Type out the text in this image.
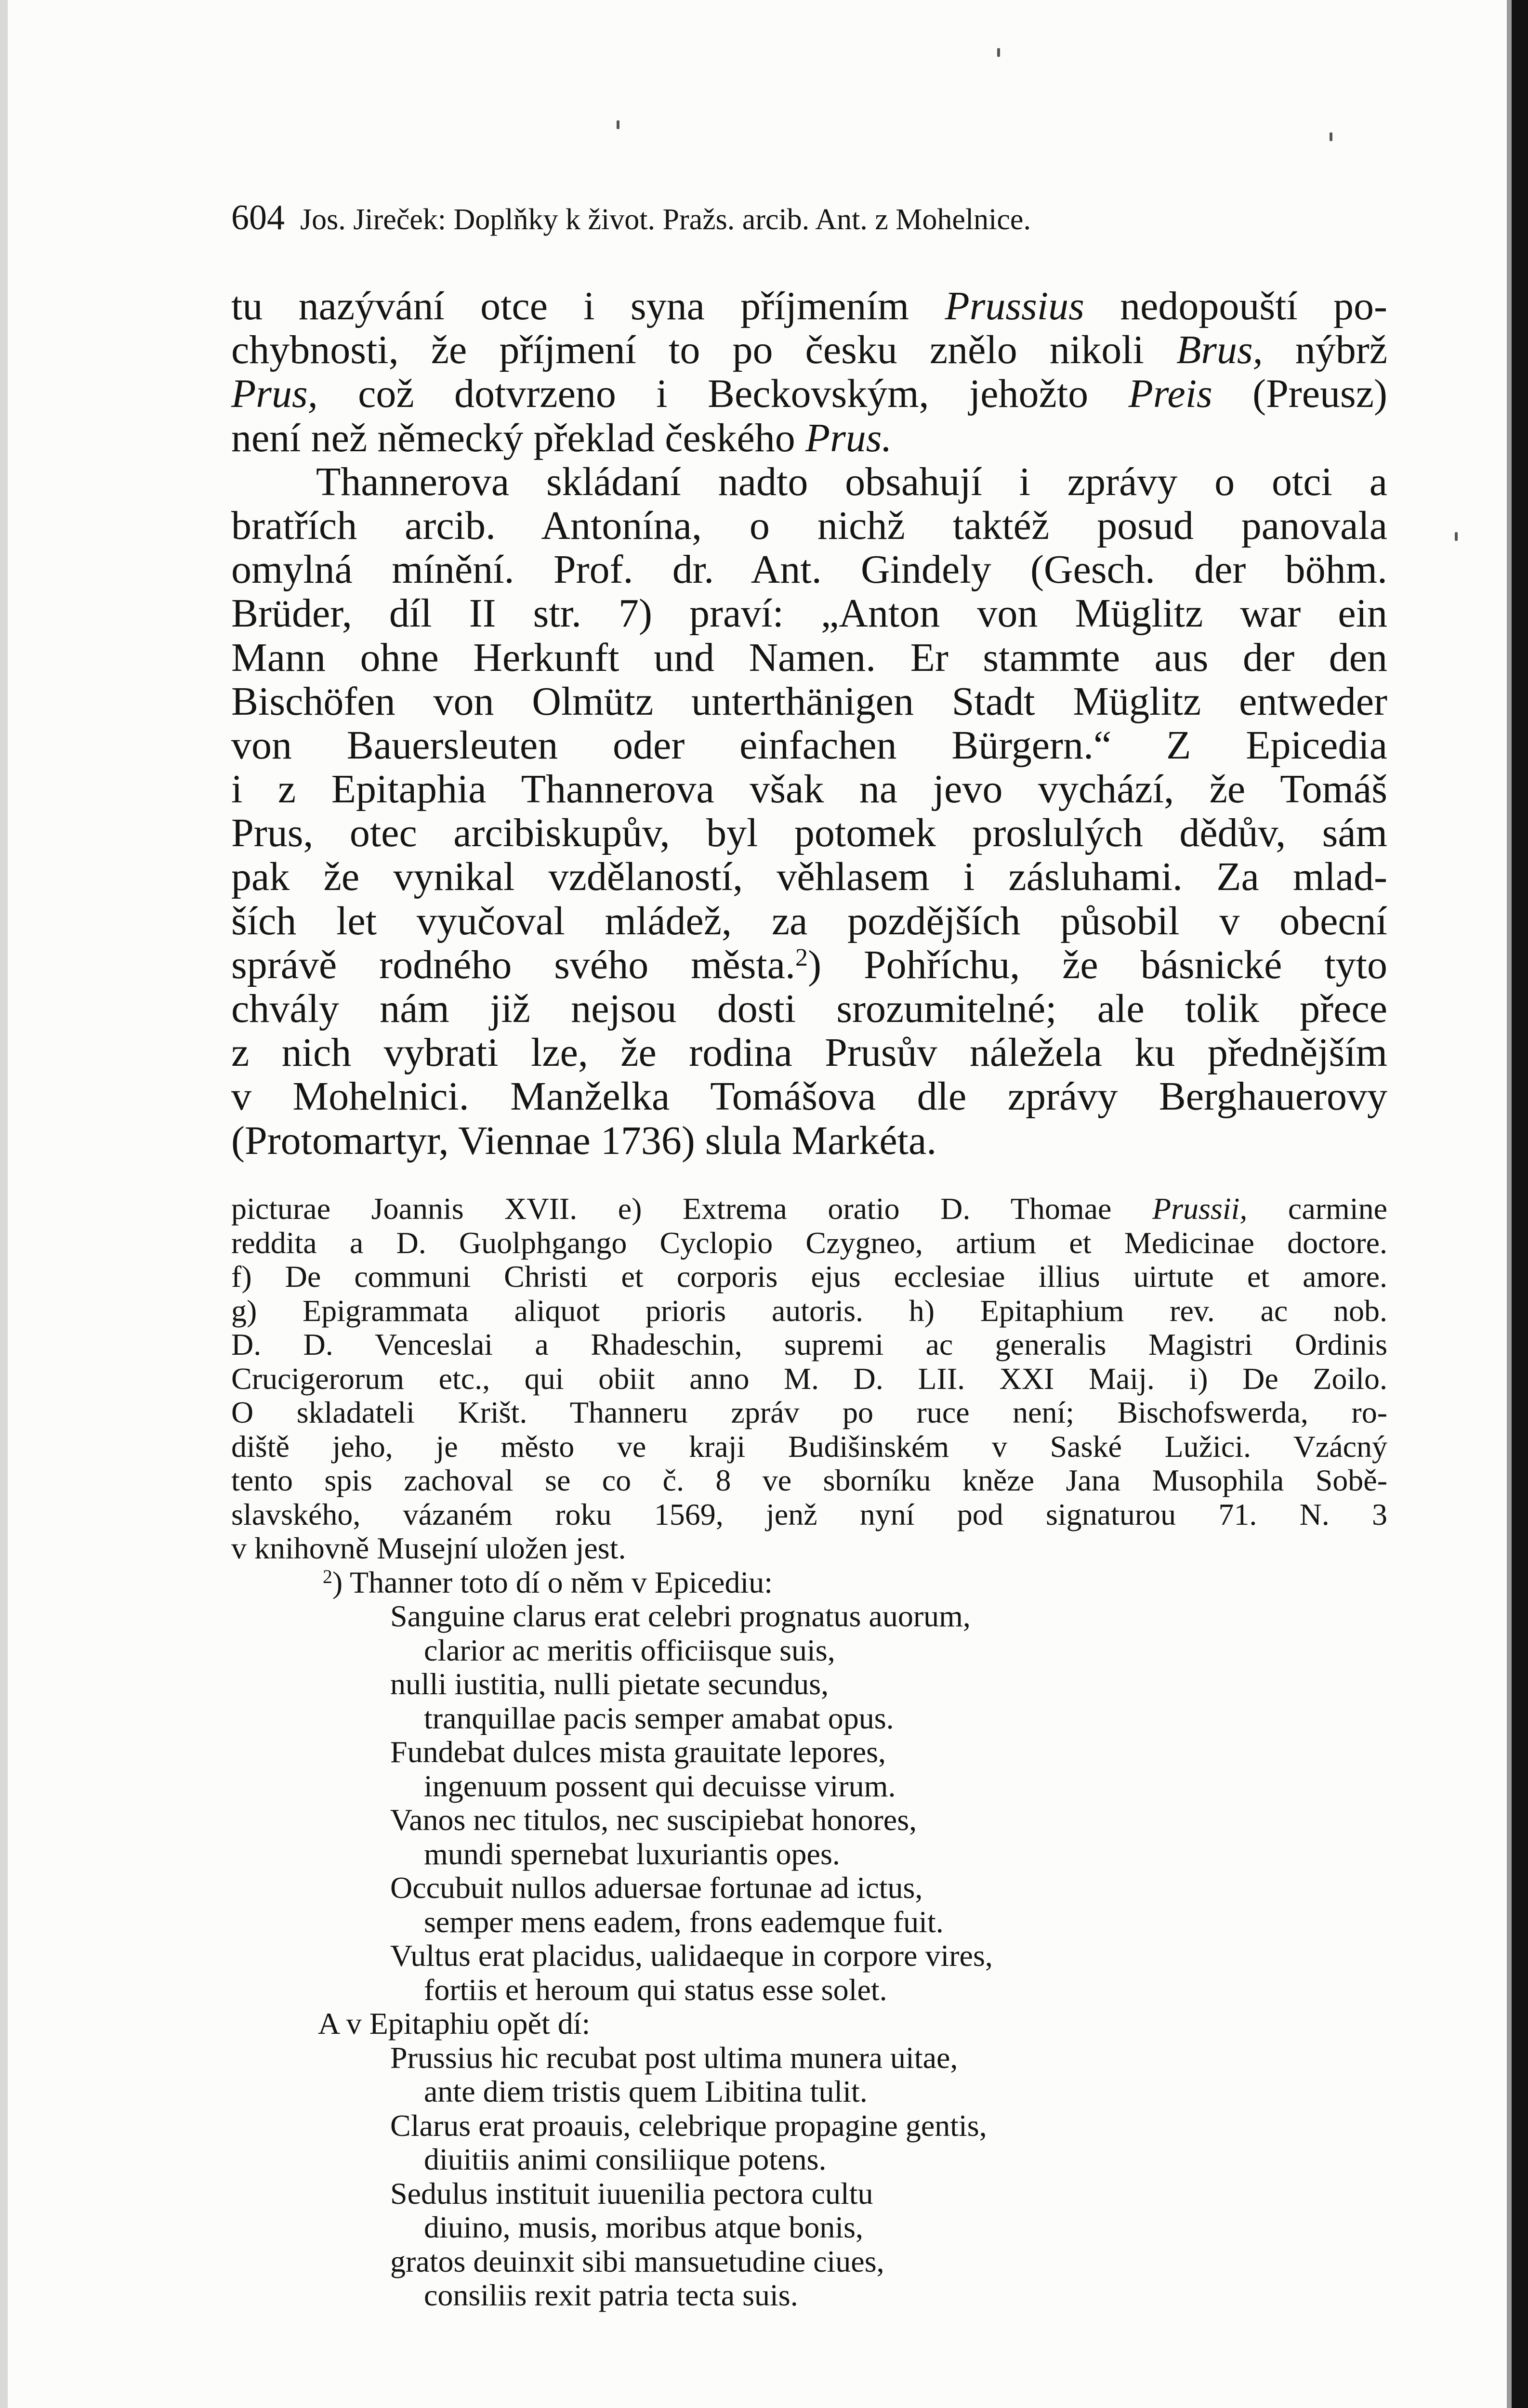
604 Jos. Jireček: Doplňky k život. Pražs. arcib. Ant. z Mohelnice.
tu nazývání otce i syna příjmením Prussius nedopouští po-
chybnosti, že příjmení to po česku znělo nikoli Brus, nýbrž
Prus, což dotvrzeno i Beckovským, jehožto Preis (Preusz)
není než německý překlad českého Prus.
Thannerova skládaní nadto obsahují i zprávy o otci a
bratřích arcib. Antonína, o nichž taktéž posud panovala
omylná mínění. Prof. dr. Ant. Gindely (Gesch. der böhm.
Brüder, díl II str. 7) praví: „Anton von Müglitz war ein
Mann ohne Herkunft und Namen. Er stammte aus der den
Bischöfen von Olmütz unterthänigen Stadt Müglitz entweder
von Bauersleuten oder einfachen Bürgern.“ Z Epicedia
i z Epitaphia Thannerova však na jevo vychází, že Tomáš
Prus, otec arcibiskupův, byl potomek proslulých dědův, sám
pak že vynikal vzdělaností, věhlasem i zásluhami. Za mlad-
ších let vyučoval mládež, za pozdějších působil v obecní
správě rodného svého města.$^2$) Pohříchu, že básnické tyto
chvály nám již nejsou dosti srozumitelné; ale tolik přece
z nich vybrati lze, že rodina Prusův náležela ku přednějším
v Mohelnici. Manželka Tomášova dle zprávy Berghauerovy
(Protomartyr, Viennae 1736) slula Markéta.
picturae Joannis XVII. e) Extrema oratio D. Thomae Prussii, carmine
reddita a D. Guolphgango Cyclopio Czygneo, artium et Medicinae doctore.
f) De communi Christi et corporis ejus ecclesiae illius uirtute et amore.
g) Epigrammata aliquot prioris autoris. h) Epitaphium rev. ac nob.
D. D. Venceslai a Rhadeschin, supremi ac generalis Magistri Ordinis
Crucigerorum etc., qui obiit anno M. D. LII. XXI Maij. i) De Zoilo.
O skladateli Krišt. Thanneru zpráv po ruce není; Bischofswerda, ro-
diště jeho, je město ve kraji Budišinském v Saské Lužici. Vzácný
tento spis zachoval se co č. 8 ve sborníku kněze Jana Musophila Sobě-
slavského, vázaném roku 1569, jenž nyní pod signaturou 71. N. 3
v knihovně Musejní uložen jest.
$^2$) Thanner toto dí o něm v Epicediu:
Sanguine clarus erat celebri prognatus auorum,
clarior ac meritis officiisque suis,
nulli iustitia, nulli pietate secundus,
tranquillae pacis semper amabat opus.
Fundebat dulces mista grauitate lepores,
ingenuum possent qui decuisse virum.
Vanos nec titulos, nec suscipiebat honores,
mundi spernebat luxuriantis opes.
Occubuit nullos aduersae fortunae ad ictus,
semper mens eadem, frons eademque fuit.
Vultus erat placidus, ualidaeque in corpore vires,
fortiis et heroum qui status esse solet.
A v Epitaphiu opět dí:
Prussius hic recubat post ultima munera uitae,
ante diem tristis quem Libitina tulit.
Clarus erat proauis, celebrique propagine gentis,
diuitiis animi consiliique potens.
Sedulus instituit iuuenilia pectora cultu
diuino, musis, moribus atque bonis,
gratos deuinxit sibi mansuetudine ciues,
consiliis rexit patria tecta suis.
